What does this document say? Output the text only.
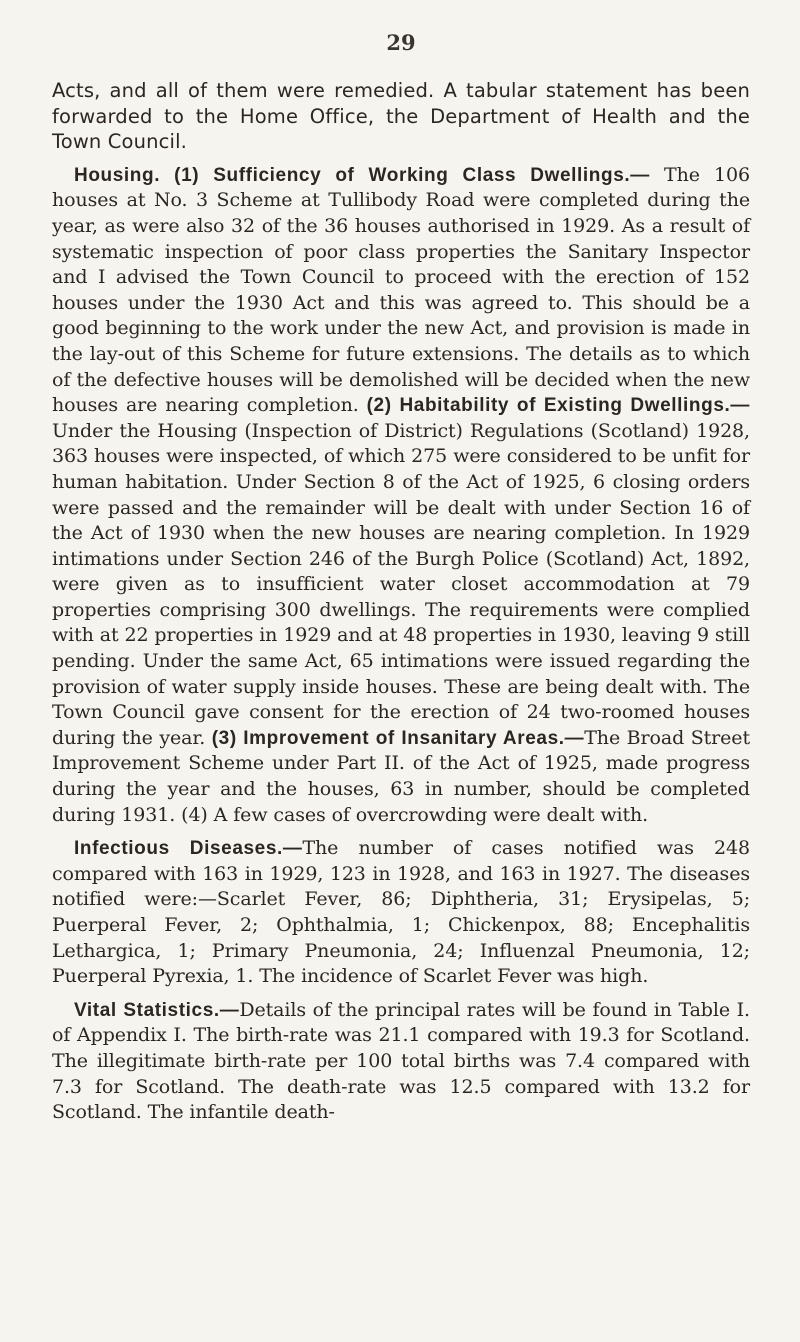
29

Acts, and all of them were remedied. A tabular statement has been forwarded to the Home Office, the Department of Health and the Town Council.

Housing. (1) Sufficiency of Working Class Dwellings.— The 106 houses at No. 3 Scheme at Tullibody Road were completed during the year, as were also 32 of the 36 houses authorised in 1929. As a result of systematic inspection of poor class properties the Sanitary Inspector and I advised the Town Council to proceed with the erection of 152 houses under the 1930 Act and this was agreed to. This should be a good beginning to the work under the new Act, and provision is made in the lay-out of this Scheme for future extensions. The details as to which of the defective houses will be demolished will be decided when the new houses are nearing completion. (2) Habitability of Existing Dwellings.—Under the Housing (Inspection of District) Regulations (Scotland) 1928, 363 houses were inspected, of which 275 were considered to be unfit for human habitation. Under Section 8 of the Act of 1925, 6 closing orders were passed and the remainder will be dealt with under Section 16 of the Act of 1930 when the new houses are nearing completion. In 1929 intimations under Section 246 of the Burgh Police (Scotland) Act, 1892, were given as to insufficient water closet accommodation at 79 properties comprising 300 dwellings. The requirements were complied with at 22 properties in 1929 and at 48 properties in 1930, leaving 9 still pending. Under the same Act, 65 intimations were issued regarding the provision of water supply inside houses. These are being dealt with. The Town Council gave consent for the erection of 24 two-roomed houses during the year. (3) Improvement of Insanitary Areas.—The Broad Street Improvement Scheme under Part II. of the Act of 1925, made progress during the year and the houses, 63 in number, should be completed during 1931. (4) A few cases of overcrowding were dealt with.

Infectious Diseases.—The number of cases notified was 248 compared with 163 in 1929, 123 in 1928, and 163 in 1927. The diseases notified were:—Scarlet Fever, 86; Diphtheria, 31; Erysipelas, 5; Puerperal Fever, 2; Ophthalmia, 1; Chickenpox, 88; Encephalitis Lethargica, 1; Primary Pneumonia, 24; Influenzal Pneumonia, 12; Puerperal Pyrexia, 1. The incidence of Scarlet Fever was high.

Vital Statistics.—Details of the principal rates will be found in Table I. of Appendix I. The birth-rate was 21.1 compared with 19.3 for Scotland. The illegitimate birth-rate per 100 total births was 7.4 compared with 7.3 for Scotland. The death-rate was 12.5 compared with 13.2 for Scotland. The infantile death-
